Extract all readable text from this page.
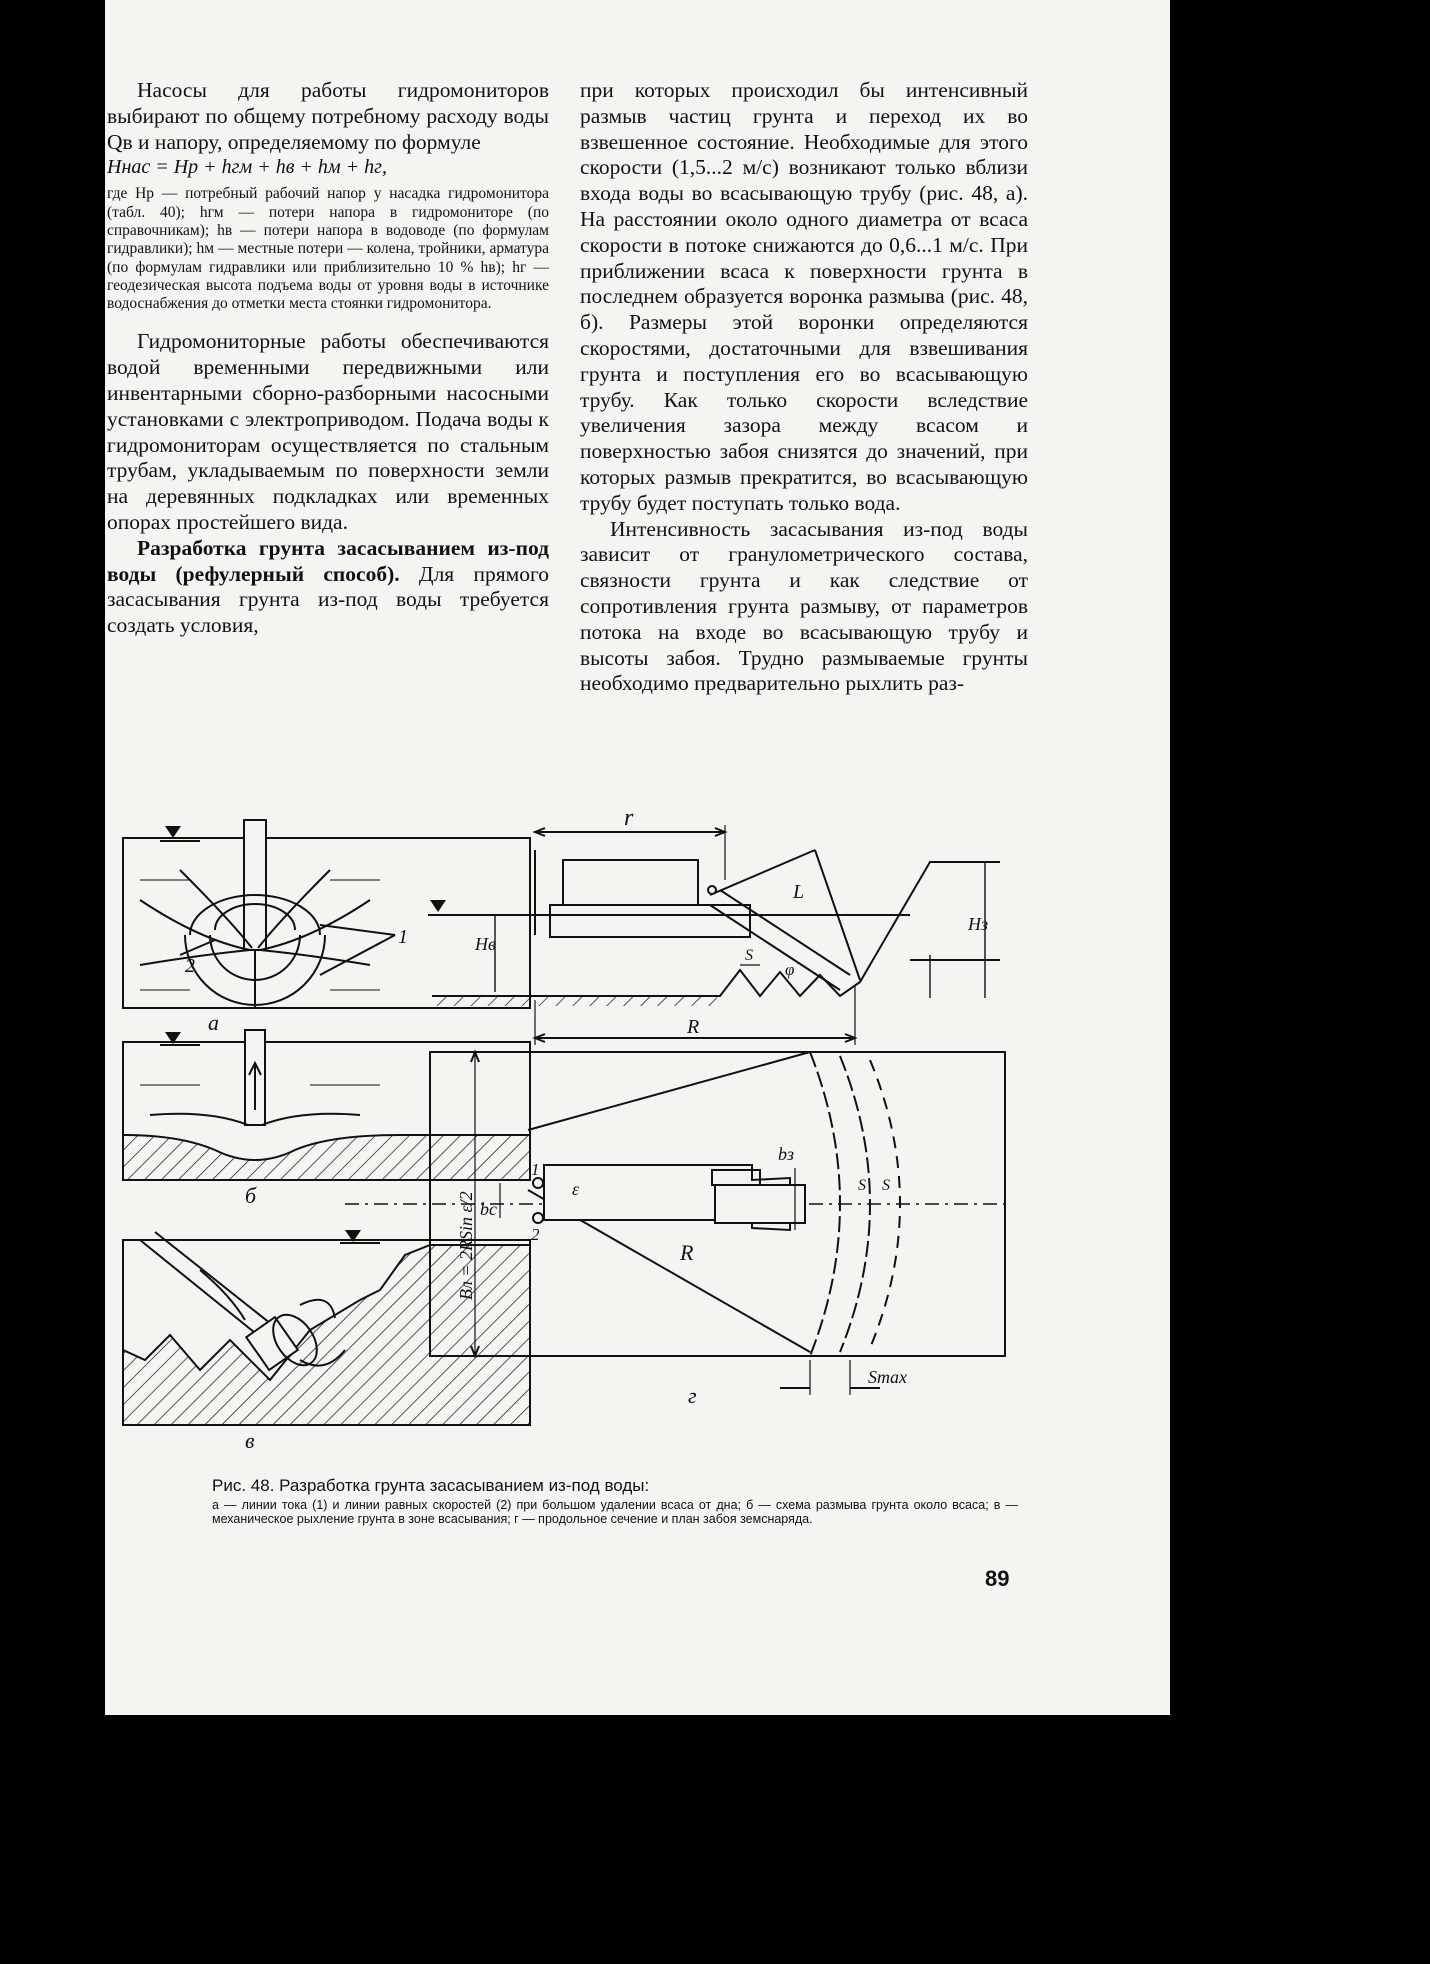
Насосы для работы гидромониторов выбирают по общему потребному расходу воды Qв и напору, определяемому по формуле

Hнас = Hр + hгм + hв + hм + hг,

где Hр — потребный рабочий напор у насадка гидромонитора (табл. 40); hгм — потери напора в гидромониторе (по справочникам); hв — потери напора в водоводе (по формулам гидравлики); hм — местные потери — колена, тройники, арматура (по формулам гидравлики или приблизительно 10 % hв); hг — геодезическая высота подъема воды от уровня воды в источнике водоснабжения до отметки места стоянки гидромонитора.

Гидромониторные работы обеспечиваются водой временными передвижными или инвентарными сборно-разборными насосными установками с электроприводом. Подача воды к гидромониторам осуществляется по стальным трубам, укладываемым по поверхности земли на деревянных подкладках или временных опорах простейшего вида.

Разработка грунта засасыванием из-под воды (рефулерный способ). Для прямого засасывания грунта из-под воды требуется создать условия,

при которых происходил бы интенсивный размыв частиц грунта и переход их во взвешенное состояние. Необходимые для этого скорости (1,5...2 м/с) возникают только вблизи входа воды во всасывающую трубу (рис. 48, а). На расстоянии около одного диаметра от всаса скорости в потоке снижаются до 0,6...1 м/с. При приближении всаса к поверхности грунта в последнем образуется воронка размыва (рис. 48, б). Размеры этой воронки определяются скоростями, достаточными для взвешивания грунта и поступления его во всасывающую трубу. Как только скорости вследствие увеличения зазора между всасом и поверхностью забоя снизятся до значений, при которых размыв прекратится, во всасывающую трубу будет поступать только вода.

Интенсивность засасывания из-под воды зависит от гранулометрического состава, связности грунта и как следствие от сопротивления грунта размыву, от параметров потока на входе во всасывающую трубу и высоты забоя. Трудно размываемые грунты необходимо предварительно рыхлить раз-

а
2
1
б
в
r
L
R
Hв
Hз
S
φ
1
2
ε
R
bз
bс
S S
Smax
Bл = 2RSin ε/2
г

Рис. 48. Разработка грунта засасыванием из-под воды:

а — линии тока (1) и линии равных скоростей (2) при большом удалении всаса от дна; б — схема размыва грунта около всаса; в — механическое рыхление грунта в зоне всасывания; г — продольное сечение и план забоя земснаряда.

89
